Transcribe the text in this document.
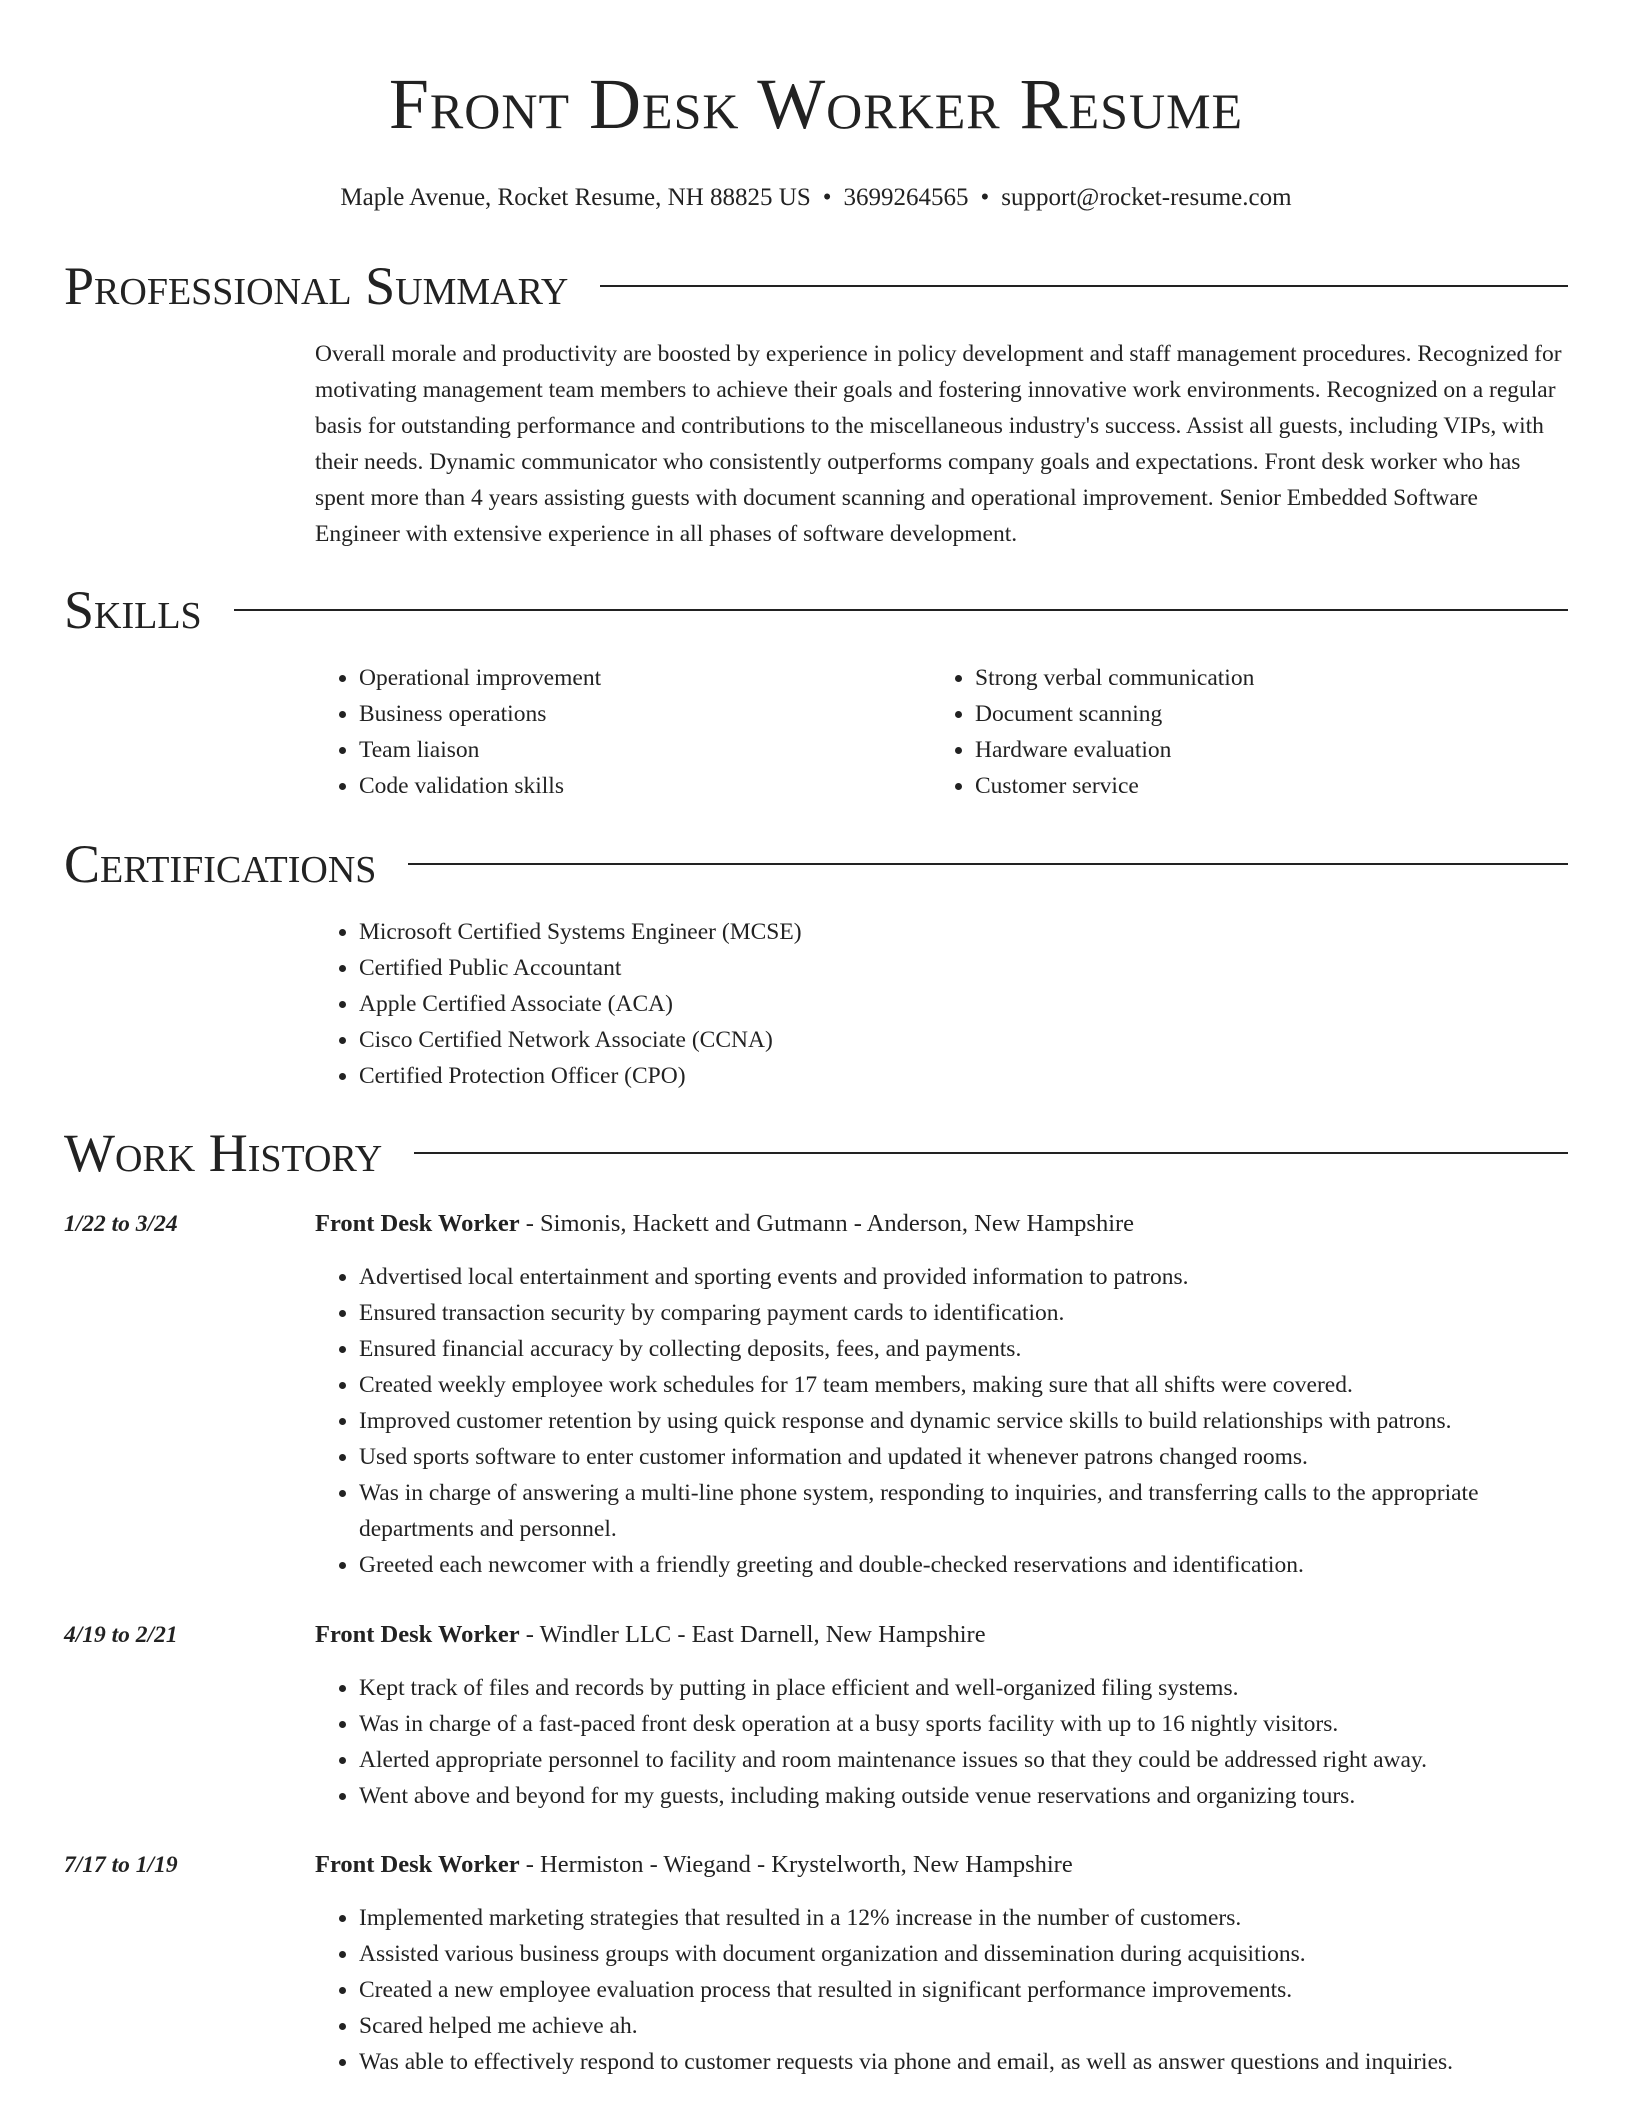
Front Desk Worker Resume
Maple Avenue, Rocket Resume, NH 88825 US • 3699264565 • support@rocket-resume.com
Professional Summary
Overall morale and productivity are boosted by experience in policy development and staff management procedures. Recognized for motivating management team members to achieve their goals and fostering innovative work environments. Recognized on a regular basis for outstanding performance and contributions to the miscellaneous industry's success. Assist all guests, including VIPs, with their needs. Dynamic communicator who consistently outperforms company goals and expectations. Front desk worker who has spent more than 4 years assisting guests with document scanning and operational improvement. Senior Embedded Software Engineer with extensive experience in all phases of software development.
Skills
• Operational improvement
• Business operations
• Team liaison
• Code validation skills
• Strong verbal communication
• Document scanning
• Hardware evaluation
• Customer service
Certifications
• Microsoft Certified Systems Engineer (MCSE)
• Certified Public Accountant
• Apple Certified Associate (ACA)
• Cisco Certified Network Associate (CCNA)
• Certified Protection Officer (CPO)
Work History
1/22 to 3/24	Front Desk Worker - Simonis, Hackett and Gutmann - Anderson, New Hampshire
• Advertised local entertainment and sporting events and provided information to patrons.
• Ensured transaction security by comparing payment cards to identification.
• Ensured financial accuracy by collecting deposits, fees, and payments.
• Created weekly employee work schedules for 17 team members, making sure that all shifts were covered.
• Improved customer retention by using quick response and dynamic service skills to build relationships with patrons.
• Used sports software to enter customer information and updated it whenever patrons changed rooms.
• Was in charge of answering a multi-line phone system, responding to inquiries, and transferring calls to the appropriate departments and personnel.
• Greeted each newcomer with a friendly greeting and double-checked reservations and identification.
4/19 to 2/21	Front Desk Worker - Windler LLC - East Darnell, New Hampshire
• Kept track of files and records by putting in place efficient and well-organized filing systems.
• Was in charge of a fast-paced front desk operation at a busy sports facility with up to 16 nightly visitors.
• Alerted appropriate personnel to facility and room maintenance issues so that they could be addressed right away.
• Went above and beyond for my guests, including making outside venue reservations and organizing tours.
7/17 to 1/19	Front Desk Worker - Hermiston - Wiegand - Krystelworth, New Hampshire
• Implemented marketing strategies that resulted in a 12% increase in the number of customers.
• Assisted various business groups with document organization and dissemination during acquisitions.
• Created a new employee evaluation process that resulted in significant performance improvements.
• Scared helped me achieve ah.
• Was able to effectively respond to customer requests via phone and email, as well as answer questions and inquiries.
